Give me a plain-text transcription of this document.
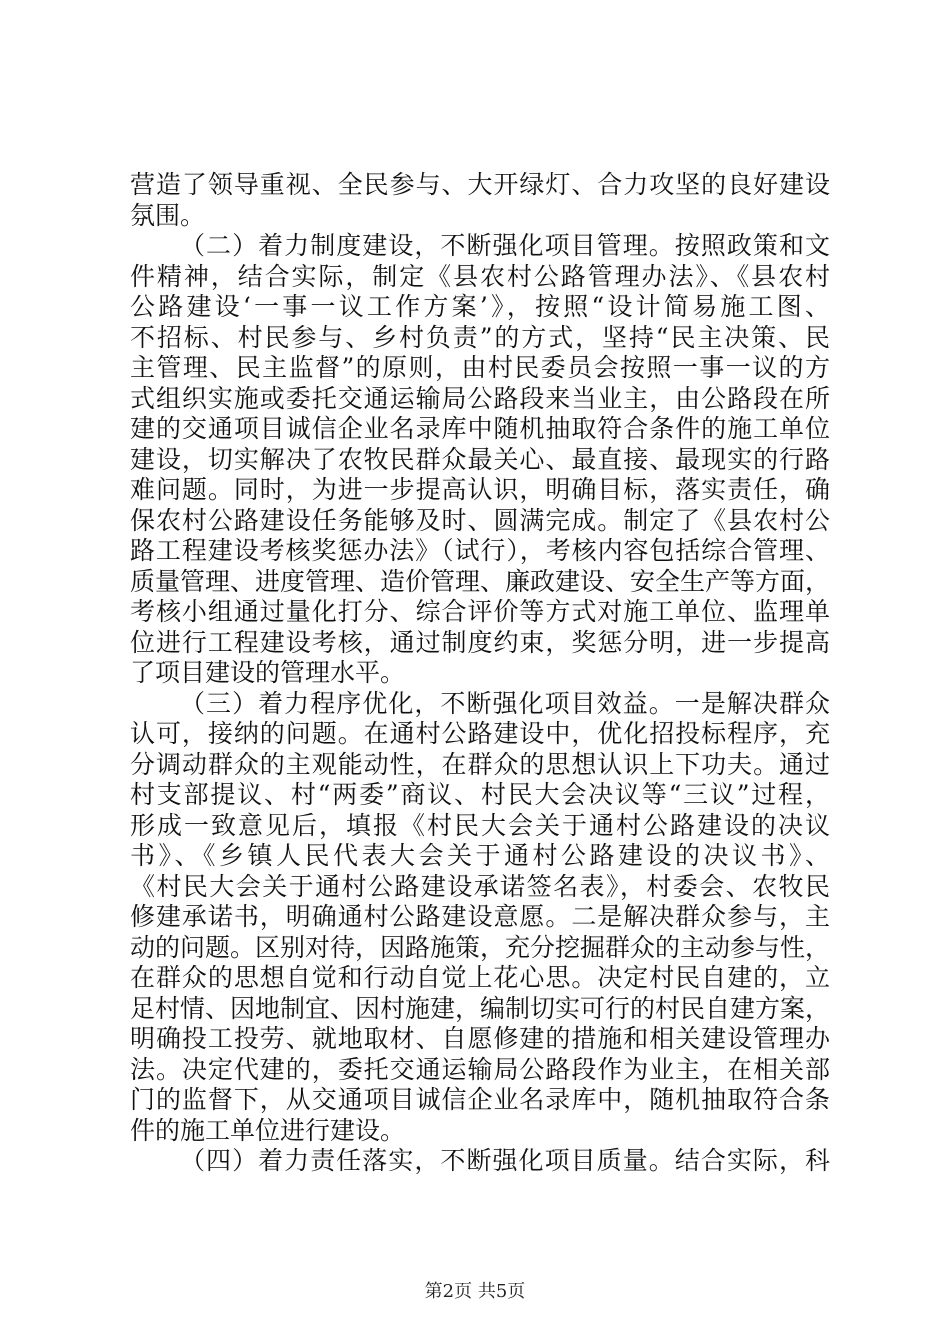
营造了领导重视、全民参与、大开绿灯、合力攻坚的良好建设
氛围。
（二）着力制度建设，不断强化项目管理。按照政策和文
件精神，结合实际，制定《县农村公路管理办法》、《县农村
公路建设‘一事一议工作方案’》，按照“设计简易施工图、
不招标、村民参与、乡村负责”的方式，坚持“民主决策、民
主管理、民主监督”的原则，由村民委员会按照一事一议的方
式组织实施或委托交通运输局公路段来当业主，由公路段在所
建的交通项目诚信企业名录库中随机抽取符合条件的施工单位
建设，切实解决了农牧民群众最关心、最直接、最现实的行路
难问题。同时，为进一步提高认识，明确目标，落实责任，确
保农村公路建设任务能够及时、圆满完成。制定了《县农村公
路工程建设考核奖惩办法》（试行），考核内容包括综合管理、
质量管理、进度管理、造价管理、廉政建设、安全生产等方面，
考核小组通过量化打分、综合评价等方式对施工单位、监理单
位进行工程建设考核，通过制度约束，奖惩分明，进一步提高
了项目建设的管理水平。
（三）着力程序优化，不断强化项目效益。一是解决群众
认可，接纳的问题。在通村公路建设中，优化招投标程序，充
分调动群众的主观能动性，在群众的思想认识上下功夫。通过
村支部提议、村“两委”商议、村民大会决议等“三议”过程，
形成一致意见后，填报《村民大会关于通村公路建设的决议
书》、《乡镇人民代表大会关于通村公路建设的决议书》、
《村民大会关于通村公路建设承诺签名表》，村委会、农牧民
修建承诺书，明确通村公路建设意愿。二是解决群众参与，主
动的问题。区别对待，因路施策，充分挖掘群众的主动参与性，
在群众的思想自觉和行动自觉上花心思。决定村民自建的，立
足村情、因地制宜、因村施建，编制切实可行的村民自建方案，
明确投工投劳、就地取材、自愿修建的措施和相关建设管理办
法。决定代建的，委托交通运输局公路段作为业主，在相关部
门的监督下，从交通项目诚信企业名录库中，随机抽取符合条
件的施工单位进行建设。
（四）着力责任落实，不断强化项目质量。结合实际，科
第2页 共5页
